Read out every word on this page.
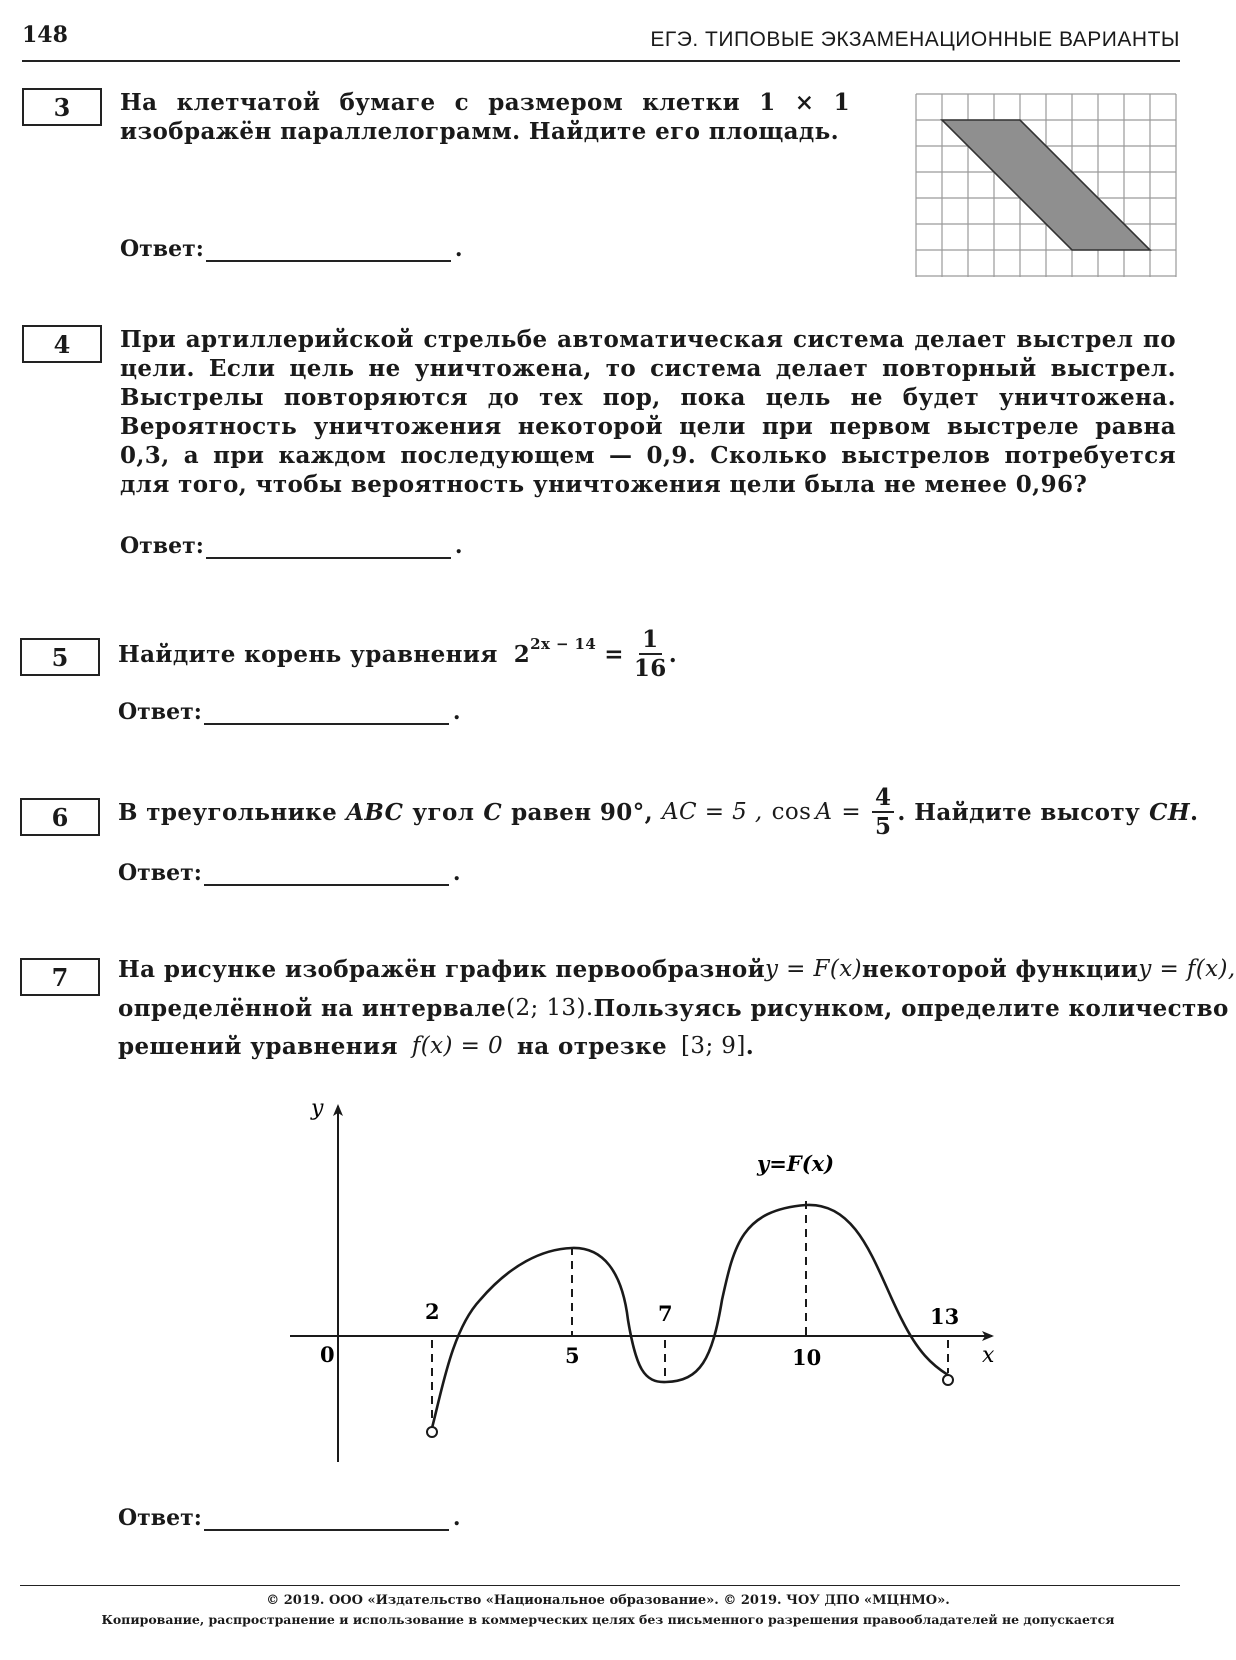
148	ЕГЭ. ТИПОВЫЕ ЭКЗАМЕНАЦИОННЫЕ ВАРИАНТЫ
3 На клетчатой бумаге с размером клетки 1 × 1 изображён параллелограмм. Найдите его площадь.
Ответ:	.
4 При артиллерийской стрельбе автоматическая система делает выстрел по цели. Если цель не уничтожена, то система делает повторный выстрел. Выстрелы повторяются до тех пор, пока цель не будет уничтожена. Вероятность уничтожения некоторой цели при первом выстреле равна 0,3, а при каждом последующем — 0,9. Сколько выстрелов потребуется для того, чтобы вероятность уничтожения цели была не менее 0,96?
Ответ:	.
5 Найдите корень уравнения $2^{2x - 14} = \frac{1}{16}$ .
Ответ:	.
6 В треугольнике ABC угол C равен 90°, AC = 5 , $\cos A = \frac{4}{5}$ . Найдите высоту CH .
Ответ:	.
7 На рисунке изображён график первообразной y = F(x) некоторой функции y = f(x),
определённой на интервале (2; 13). Пользуясь рисунком, определите количество
решений уравнения f(x) = 0 на отрезке [3; 9] .
y
x
0
2
5
7
10
13
y=F(x)
Ответ:	.
© 2019. ООО «Издательство «Национальное образование». © 2019. ЧОУ ДПО «МЦНМО».
Копирование, распространение и использование в коммерческих целях без письменного разрешения правообладателей не допускается
